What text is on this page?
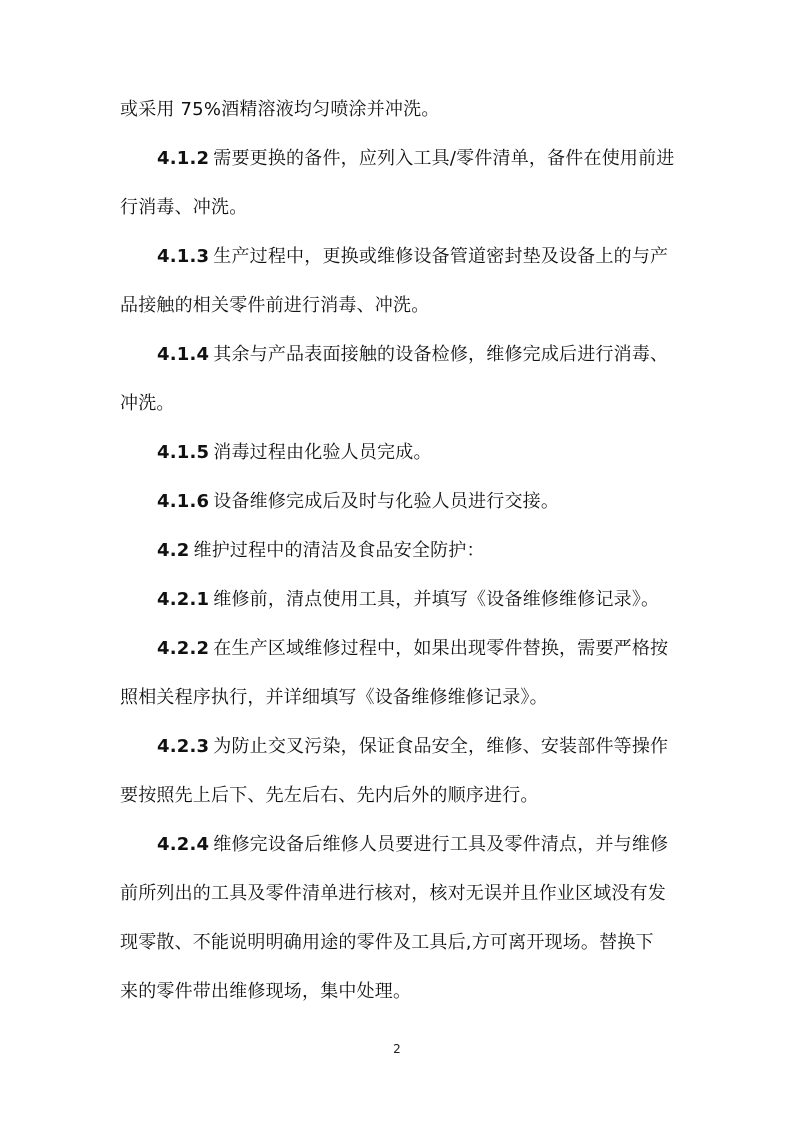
或采用 75%酒精溶液均匀喷涂并冲洗。
4.1.2 需要更换的备件，应列入工具/零件清单，备件在使用前进
行消毒、冲洗。
4.1.3 生产过程中，更换或维修设备管道密封垫及设备上的与产
品接触的相关零件前进行消毒、冲洗。
4.1.4 其余与产品表面接触的设备检修，维修完成后进行消毒、
冲洗。
4.1.5 消毒过程由化验人员完成。
4.1.6 设备维修完成后及时与化验人员进行交接。
4.2 维护过程中的清洁及食品安全防护：
4.2.1 维修前，清点使用工具，并填写《设备维修维修记录》。
4.2.2 在生产区域维修过程中，如果出现零件替换，需要严格按
照相关程序执行，并详细填写《设备维修维修记录》。
4.2.3 为防止交叉污染，保证食品安全，维修、安装部件等操作
要按照先上后下、先左后右、先内后外的顺序进行。
4.2.4 维修完设备后维修人员要进行工具及零件清点，并与维修
前所列出的工具及零件清单进行核对，核对无误并且作业区域没有发
现零散、不能说明明确用途的零件及工具后,方可离开现场。替换下
来的零件带出维修现场，集中处理。
2
